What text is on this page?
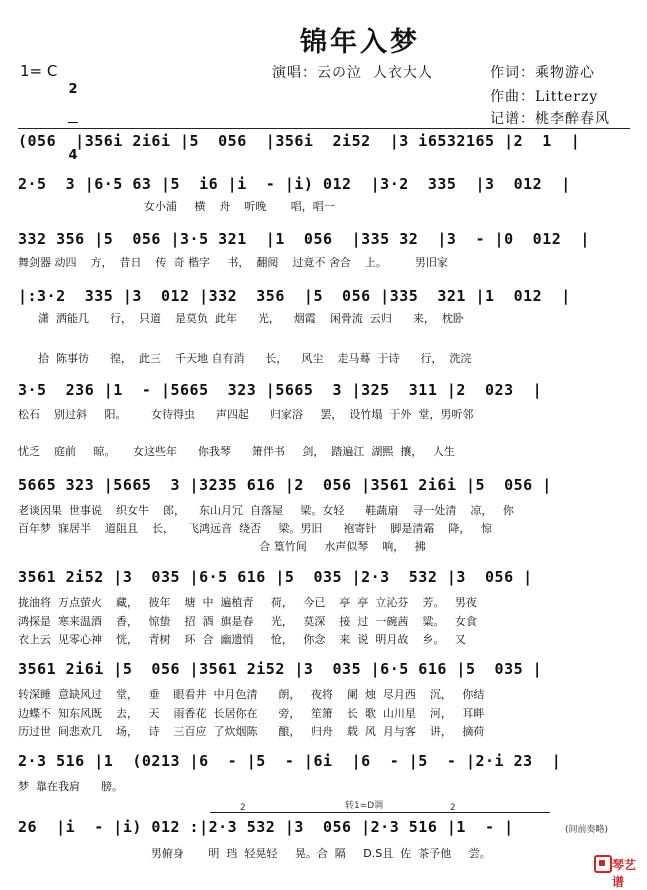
锦年入梦
1= C

2

4

演唱：云の泣  人衣大人	作词：乘物游心
作曲：Litterzy
记谱：桃李醉春风
(056  |356i 2i6i |5  056  |356i  2i52  |3 i6532165 |2  1  |
2·5  3 |6·5 63 |5  i6 |i  - |i) 012  |3·2  335  |3  012  |
女小浦     横    舟    听晚       唱，唱一
332 356 |5  056 |3·5 321  |1  056  |335 32  |3  - |0  012  |
舞剑器 动四    方，  昔日    传  奇 楷字     书，  翻阅    过竟不 舍合    上。        男旧家
|:3·2  335 |3  012 |332  356  |5  056 |335  321 |1  012  |
潇  洒能几      行，  只道    是莫负  此年      光，    烟霞    闲骨流  云归      来，  枕卧
拾  陈事彷      徨，  此三    千天地 自有消      长，    风尘    走马蓦  于诗      行，  洗浣
3·5  236 |1  - |5665  323 |5665  3 |325  311 |2  023  |
松石    别过斜     阳。       女待得虫      声四起      归家浴     罢，  设竹塌  于外  堂，男听邻
忧乏    庭前     晾。     女这些年      你我琴      箫伴书     剑，  踏遍江  湖熙  攘，   人生
5665 323 |5665  3 |3235 616 |2  056 |3561 2i6i |5  056 |
老谈因果  世事说    织女牛    郎，    东山月冗  自落屋     梁。女轻      鞋蔬扇    寻一处清    凉，   你
百年梦  寐居半    道阻且    长，    飞鸿远音  绕否     梁。男旧      袍寄针    脚是清霜    降，   惊
合 篁竹间     水声似琴    响，   拂
3561 2i52 |3  035 |6·5 616 |5  035 |2·3  532 |3  056 |
拢油将  万点萤火    藏，   彼年    塘  中  遍植青     荷，   今已    亭  亭  立沁芬    芳。   男夜
鸿探是  寒来温酒    香，   惊蛰    招  酒  旗是春     光，   莫深    接  过  一碗茜    粱。   女食
衣上云  见零心神    恍，   青树    环  合  幽遗悄     怆，   你念    来  说  明月故    乡。   又
3561 2i6i |5  056 |3561 2i52 |3  035 |6·5 616 |5  035 |
转深睡  意缺风过    堂，   垂    眼看井  中月色清      朗，   夜将    阑  烛  尽月西    沉，   你结
边蝶不  知东风既    去，   天    雨香花  长居你在      旁，   笙箫    长  歌  山川星    河，   耳畔
历过世  间悲欢几    场，   诗    三百应  了炊烟陈      酿，   归舟    载  风  月与客    讲，   摘荷
2·3 516 |1  (0213 |6  - |5  - |6i  |6  - |5  - |2·i 23  |
梦  靠在我肩      膀。
2	转1=D调	2
26  |i  - |i) 012 :|2·3 532 |3  056 |2·3 516 |1  - |	(间前奏略)
男俯身       明  珰  轻晃轻     晃。合  隔     D.S且  佐  茶予他     尝。
琴艺谱
